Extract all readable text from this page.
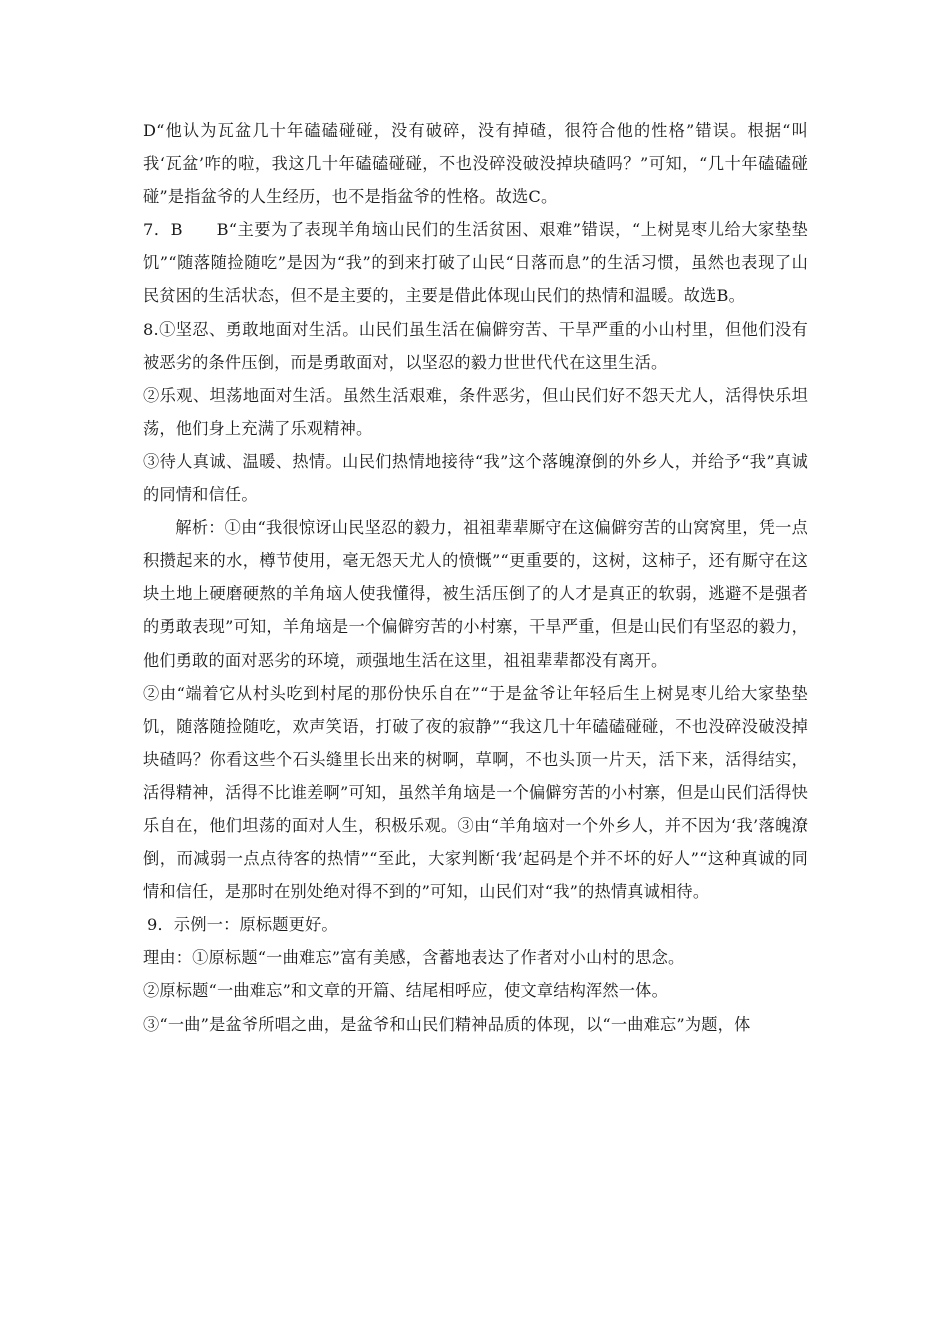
D“他认为瓦盆几十年磕磕碰碰，没有破碎，没有掉碴，很符合他的性格”错误。根据“叫我‘瓦盆’咋的啦，我这几十年磕磕碰碰，不也没碎没破没掉块碴吗？”可知，“几十年磕磕碰碰”是指盆爷的人生经历，也不是指盆爷的性格。故选C。

7．B　　B“主要为了表现羊角垴山民们的生活贫困、艰难”错误，“上树晃枣儿给大家垫垫饥”“随落随捡随吃”是因为“我”的到来打破了山民“日落而息”的生活习惯，虽然也表现了山民贫困的生活状态，但不是主要的，主要是借此体现山民们的热情和温暖。故选B。

8.①坚忍、勇敢地面对生活。山民们虽生活在偏僻穷苦、干旱严重的小山村里，但他们没有被恶劣的条件压倒，而是勇敢面对，以坚忍的毅力世世代代在这里生活。

②乐观、坦荡地面对生活。虽然生活艰难，条件恶劣，但山民们好不怨天尤人，活得快乐坦荡，他们身上充满了乐观精神。

③待人真诚、温暖、热情。山民们热情地接待“我”这个落魄潦倒的外乡人，并给予“我”真诚的同情和信任。

解析：①由“我很惊讶山民坚忍的毅力，祖祖辈辈厮守在这偏僻穷苦的山窝窝里，凭一点积攒起来的水，樽节使用，毫无怨天尤人的愤慨”“更重要的，这树，这柿子，还有厮守在这块土地上硬磨硬熬的羊角垴人使我懂得，被生活压倒了的人才是真正的软弱，逃避不是强者的勇敢表现”可知，羊角垴是一个偏僻穷苦的小村寨，干旱严重，但是山民们有坚忍的毅力，他们勇敢的面对恶劣的环境，顽强地生活在这里，祖祖辈辈都没有离开。

②由“端着它从村头吃到村尾的那份快乐自在”“于是盆爷让年轻后生上树晃枣儿给大家垫垫饥，随落随捡随吃，欢声笑语，打破了夜的寂静”“我这几十年磕磕碰碰，不也没碎没破没掉块碴吗？你看这些个石头缝里长出来的树啊，草啊，不也头顶一片天，活下来，活得结实，活得精神，活得不比谁差啊”可知，虽然羊角垴是一个偏僻穷苦的小村寨，但是山民们活得快乐自在，他们坦荡的面对人生，积极乐观。③由“羊角垴对一个外乡人，并不因为‘我’落魄潦倒，而减弱一点点待客的热情”“至此，大家判断‘我’起码是个并不坏的好人”“这种真诚的同情和信任，是那时在别处绝对得不到的”可知，山民们对“我”的热情真诚相待。

9．示例一：原标题更好。

理由：①原标题“一曲难忘”富有美感，含蓄地表达了作者对小山村的思念。

②原标题“一曲难忘”和文章的开篇、结尾相呼应，使文章结构浑然一体。

③“一曲”是盆爷所唱之曲，是盆爷和山民们精神品质的体现，以“一曲难忘”为题，体
